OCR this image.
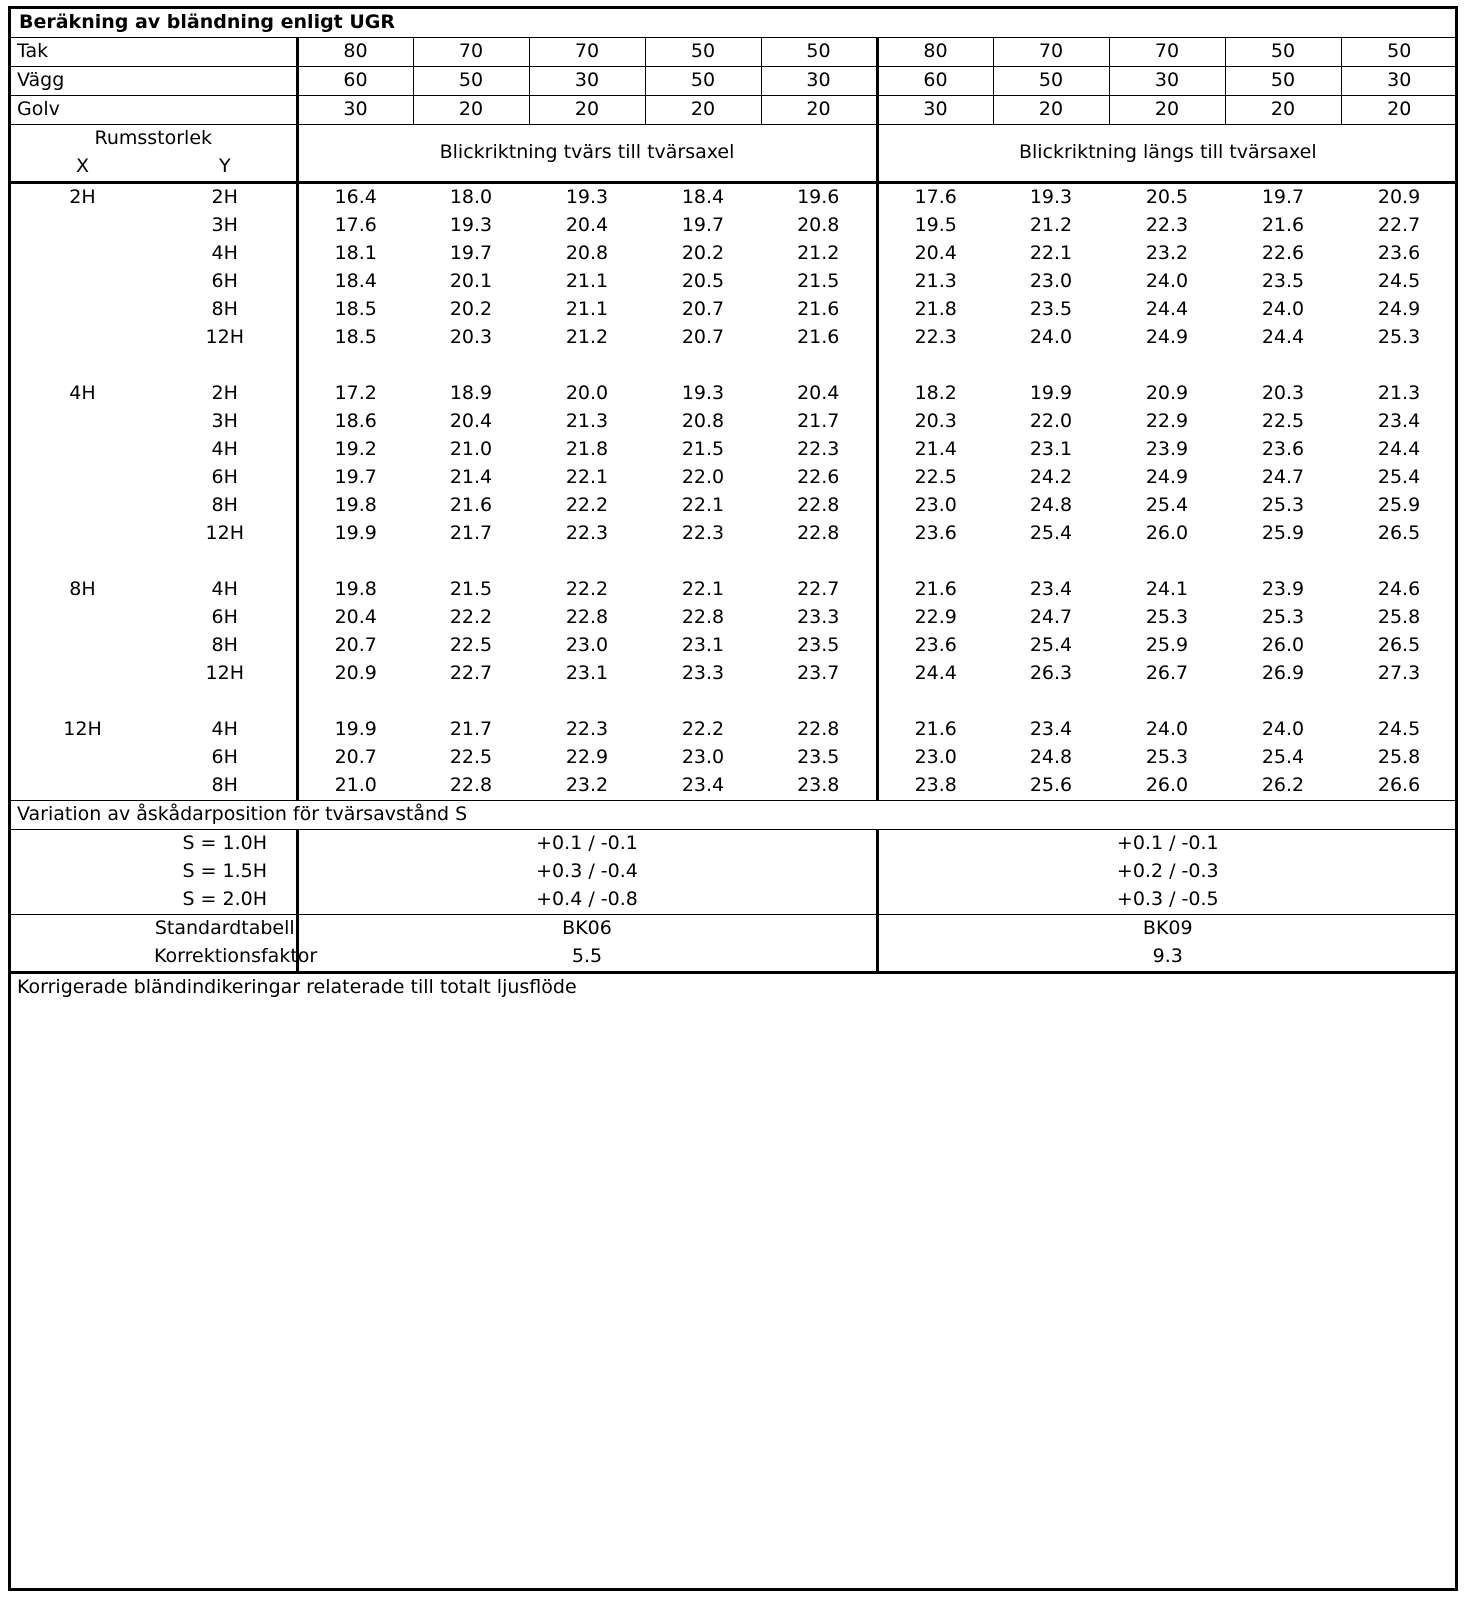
Beräkning av bländning enligt UGR											
Tak		80	70	70	50	50	80	70	70	50	50
Vägg		60	50	30	50	30	60	50	30	50	30
Golv		30	20	20	20	20	30	20	20	20	20
Rumsstorlek		Blickriktning tvärs till tvärsaxel					Blickriktning längs till tvärsaxel				
X	Y										
2H	2H	16.4	18.0	19.3	18.4	19.6	17.6	19.3	20.5	19.7	20.9
	3H	17.6	19.3	20.4	19.7	20.8	19.5	21.2	22.3	21.6	22.7
	4H	18.1	19.7	20.8	20.2	21.2	20.4	22.1	23.2	22.6	23.6
	6H	18.4	20.1	21.1	20.5	21.5	21.3	23.0	24.0	23.5	24.5
	8H	18.5	20.2	21.1	20.7	21.6	21.8	23.5	24.4	24.0	24.9
	12H	18.5	20.3	21.2	20.7	21.6	22.3	24.0	24.9	24.4	25.3

4H	2H	17.2	18.9	20.0	19.3	20.4	18.2	19.9	20.9	20.3	21.3
	3H	18.6	20.4	21.3	20.8	21.7	20.3	22.0	22.9	22.5	23.4
	4H	19.2	21.0	21.8	21.5	22.3	21.4	23.1	23.9	23.6	24.4
	6H	19.7	21.4	22.1	22.0	22.6	22.5	24.2	24.9	24.7	25.4
	8H	19.8	21.6	22.2	22.1	22.8	23.0	24.8	25.4	25.3	25.9
	12H	19.9	21.7	22.3	22.3	22.8	23.6	25.4	26.0	25.9	26.5

8H	4H	19.8	21.5	22.2	22.1	22.7	21.6	23.4	24.1	23.9	24.6
	6H	20.4	22.2	22.8	22.8	23.3	22.9	24.7	25.3	25.3	25.8
	8H	20.7	22.5	23.0	23.1	23.5	23.6	25.4	25.9	26.0	26.5
	12H	20.9	22.7	23.1	23.3	23.7	24.4	26.3	26.7	26.9	27.3

12H	4H	19.9	21.7	22.3	22.2	22.8	21.6	23.4	24.0	24.0	24.5
	6H	20.7	22.5	22.9	23.0	23.5	23.0	24.8	25.3	25.4	25.8
	8H	21.0	22.8	23.2	23.4	23.8	23.8	25.6	26.0	26.2	26.6
Variation av åskådarposition för tvärsavstånd S											
	S = 1.0H	+0.1 / -0.1					+0.1 / -0.1				
	S = 1.5H	+0.3 / -0.4					+0.2 / -0.3				
	S = 2.0H	+0.4 / -0.8					+0.3 / -0.5				
	Standardtabell	BK06					BK09				
	Korrektionsfaktor	5.5					9.3				
Korrigerade bländindikeringar relaterade till totalt ljusflöde											
